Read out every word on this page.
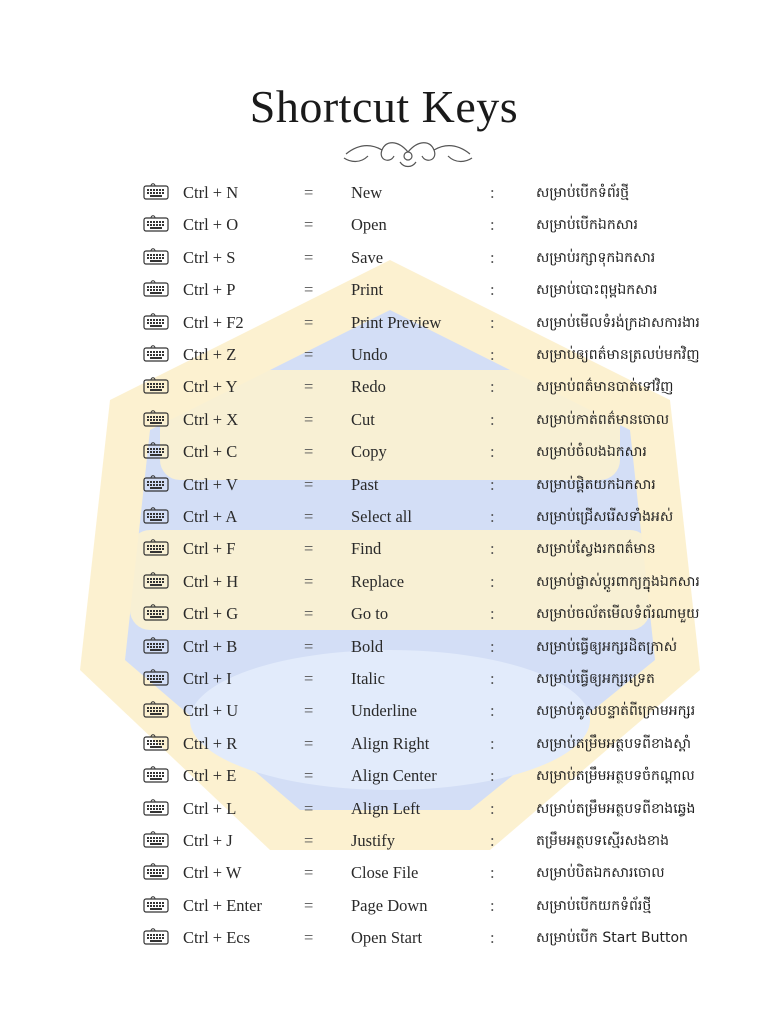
Shortcut Keys
Ctrl + N	= New	:	សម្រាប់បើកទំព័រថ្មី
Ctrl + O	= Open	:	សម្រាប់បើកឯកសារ
Ctrl + S	= Save	:	សម្រាប់រក្សាទុកឯកសារ
Ctrl + P	= Print	:	សម្រាប់បោះពុម្ពឯកសារ
Ctrl + F2	= Print Preview	:	សម្រាប់មើលទំរង់ក្រដាសការងារ
Ctrl + Z	= Undo	:	សម្រាប់ឲ្យពត៌មានត្រលប់មកវិញ
Ctrl + Y	= Redo	:	សម្រាប់ពត៌មានបាត់ទៅវិញ
Ctrl + X	= Cut	:	សម្រាប់កាត់ពត៌មានចោល
Ctrl + C	= Copy	:	សម្រាប់ចំលងឯកសារ
Ctrl + V	= Past	:	សម្រាប់ផ្តិតយកឯកសារ
Ctrl + A	= Select all	:	សម្រាប់ជ្រើសរើសទាំងអស់
Ctrl + F	= Find	:	សម្រាប់ស្វែងរកពត៌មាន
Ctrl + H	= Replace	:	សម្រាប់ផ្លាស់ប្តូរពាក្យក្នុងឯកសារ
Ctrl + G	= Go to	:	សម្រាប់ចល័តមើលទំព័រណាមួយ
Ctrl + B	= Bold	:	សម្រាប់ធ្វើឲ្យអក្សរដិតក្រាស់
Ctrl + I	= Italic	:	សម្រាប់ធ្វើឲ្យអក្សរទ្រេត
Ctrl + U	= Underline	:	សម្រាប់គូសបន្ទាត់ពីក្រោមអក្សរ
Ctrl + R	= Align Right	:	សម្រាប់តម្រឹមអត្ថបទពីខាងស្តាំ
Ctrl + E	= Align Center	:	សម្រាប់តម្រឹមអត្ថបទចំកណ្តាល
Ctrl + L	= Align Left	:	សម្រាប់តម្រឹមអត្ថបទពីខាងឆ្វេង
Ctrl + J	= Justify	:	តម្រឹមអត្ថបទស្មើរសងខាង
Ctrl + W	= Close File	:	សម្រាប់បិតឯកសារចោល
Ctrl + Enter	= Page Down	:	សម្រាប់បើកយកទំព័រថ្មី
Ctrl + Ecs	= Open Start	:	សម្រាប់បើក Start Button
